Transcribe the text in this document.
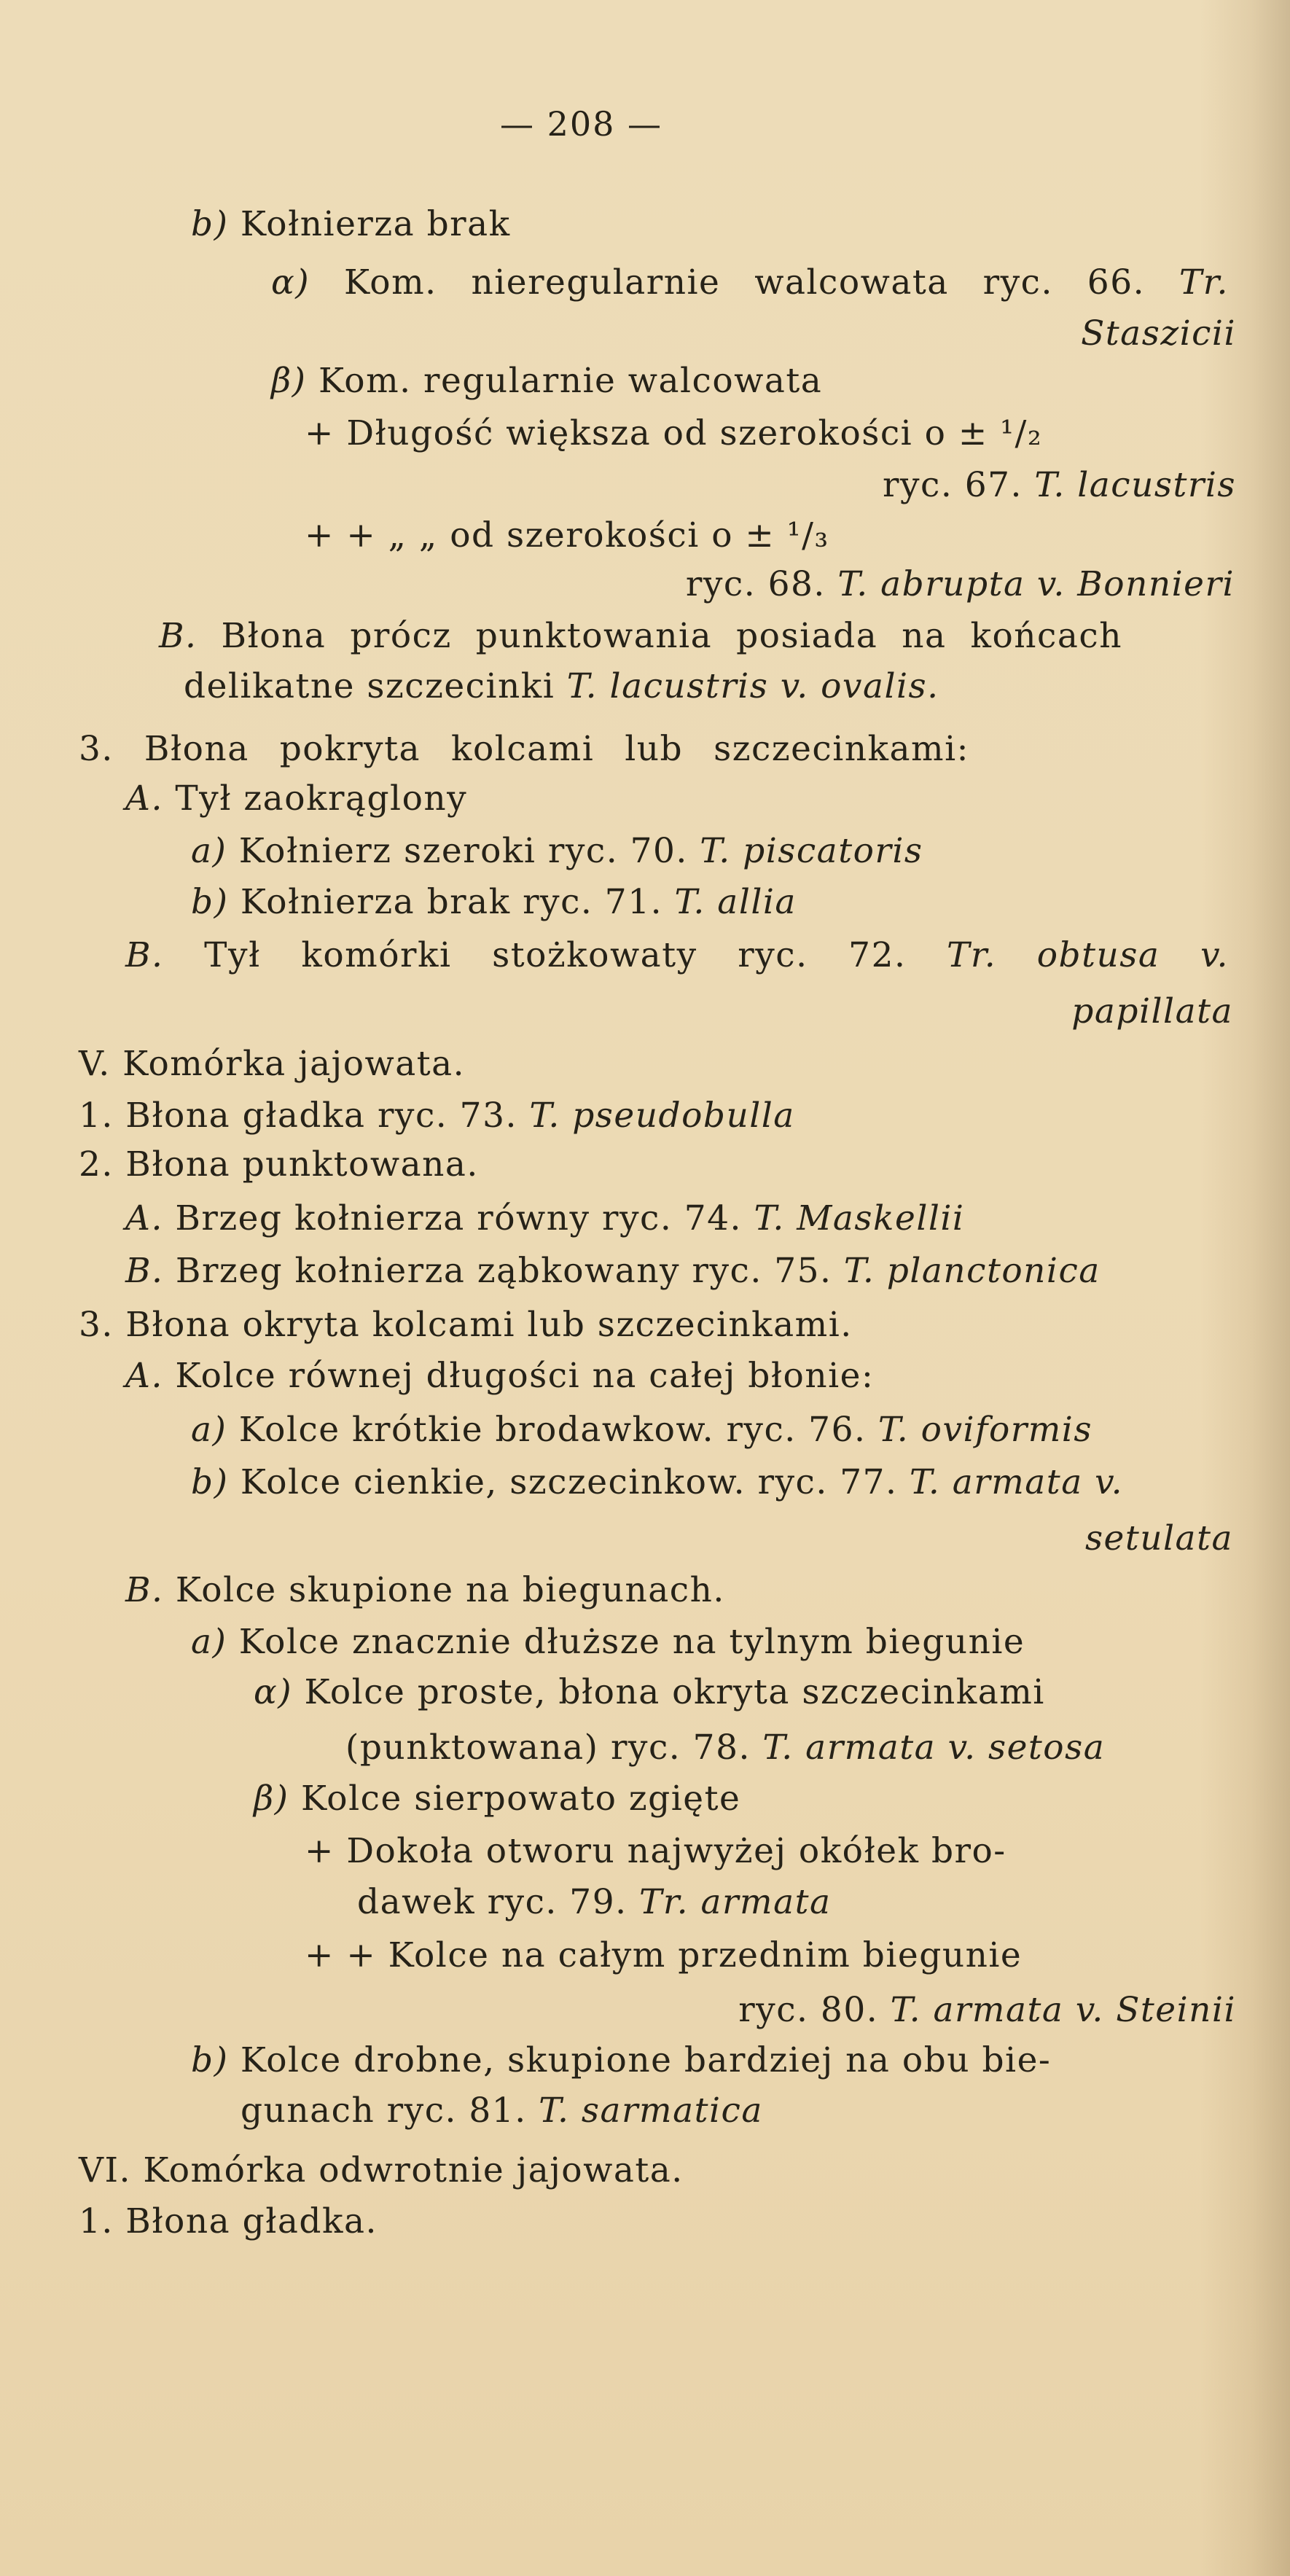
— 208 —
b) Kołnierza brak
α) Kom. nieregularnie walcowata ryc. 66. Tr.
Staszicii
β) Kom. regularnie walcowata
+ Długość większa od szerokości o ± ¹/₂
ryc. 67. T. lacustris
+ + „ „ od szerokości o ± ¹/₃
ryc. 68. T. abrupta v. Bonnieri
B. Błona prócz punktowania posiada na końcach
delikatne szczecinki T. lacustris v. ovalis.
3. Błona pokryta kolcami lub szczecinkami:
A. Tył zaokrąglony
a) Kołnierz szeroki ryc. 70. T. piscatoris
b) Kołnierza brak ryc. 71. T. allia
B. Tył komórki stożkowaty ryc. 72. Tr. obtusa v.
papillata
V. Komórka jajowata.
1. Błona gładka ryc. 73. T. pseudobulla
2. Błona punktowana.
A. Brzeg kołnierza równy ryc. 74. T. Maskellii
B. Brzeg kołnierza ząbkowany ryc. 75. T. planctonica
3. Błona okryta kolcami lub szczecinkami.
A. Kolce równej długości na całej błonie:
a) Kolce krótkie brodawkow. ryc. 76. T. oviformis
b) Kolce cienkie, szczecinkow. ryc. 77. T. armata v.
setulata
B. Kolce skupione na biegunach.
a) Kolce znacznie dłuższe na tylnym biegunie
α) Kolce proste, błona okryta szczecinkami
(punktowana) ryc. 78. T. armata v. setosa
β) Kolce sierpowato zgięte
+ Dokoła otworu najwyżej okółek bro-
dawek ryc. 79. Tr. armata
+ + Kolce na całym przednim biegunie
ryc. 80. T. armata v. Steinii
b) Kolce drobne, skupione bardziej na obu bie-
gunach ryc. 81. T. sarmatica
VI. Komórka odwrotnie jajowata.
1. Błona gładka.
